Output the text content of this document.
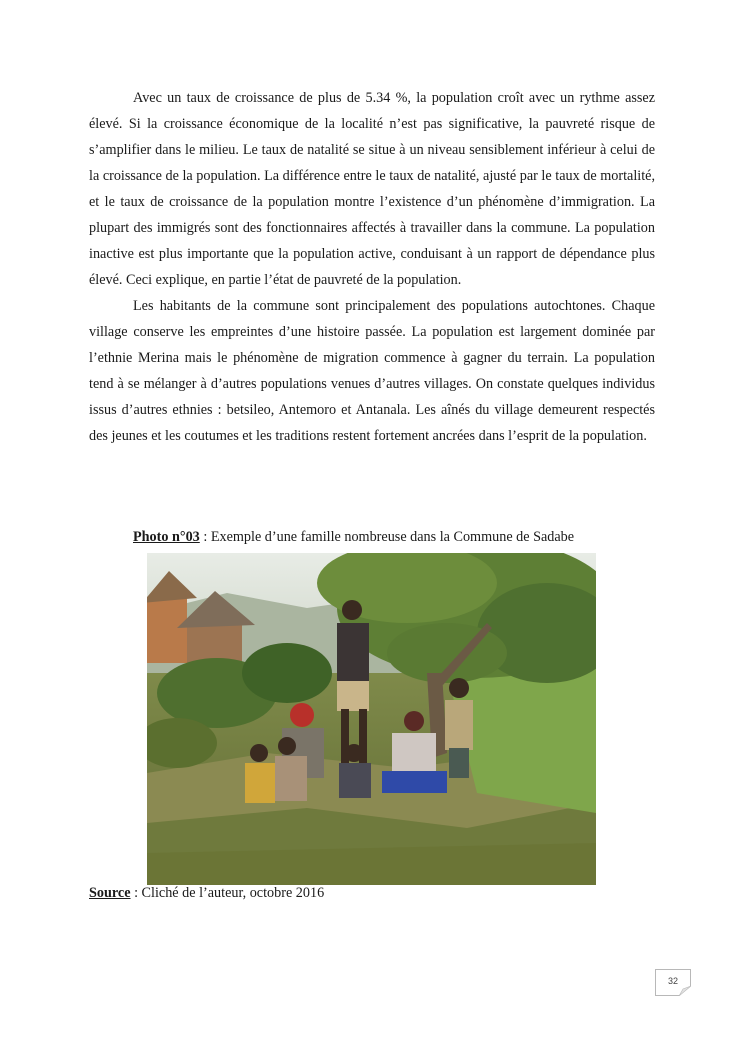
Avec un taux de croissance de plus de 5.34 %, la population croît avec un rythme assez élevé. Si la croissance économique de la localité n’est pas significative, la pauvreté risque de s’amplifier dans le milieu. Le taux de natalité se situe à un niveau sensiblement inférieur à celui de la croissance de la population. La différence entre le taux de natalité, ajusté par le taux de mortalité, et le taux de croissance de la population montre l’existence d’un phénomène d’immigration. La plupart des immigrés sont des fonctionnaires affectés à travailler dans la commune. La population inactive est plus importante que la population active, conduisant à un rapport de dépendance plus élevé. Ceci explique, en partie l’état de pauvreté de la population.

Les habitants de la commune sont principalement des populations autochtones. Chaque village conserve les empreintes d’une histoire passée. La population est largement dominée par l’ethnie Merina mais le phénomène de migration commence à gagner du terrain. La population tend à se mélanger à d’autres populations venues d’autres villages. On constate quelques individus issus d’autres ethnies : betsileo, Antemoro et Antanala. Les aînés du village demeurent respectés des jeunes et les coutumes et les traditions restent fortement ancrées dans l’esprit de la population.

Photo n°03 : Exemple d’une famille nombreuse dans la Commune de Sadabe
Source : Cliché de l’auteur, octobre 2016
32
